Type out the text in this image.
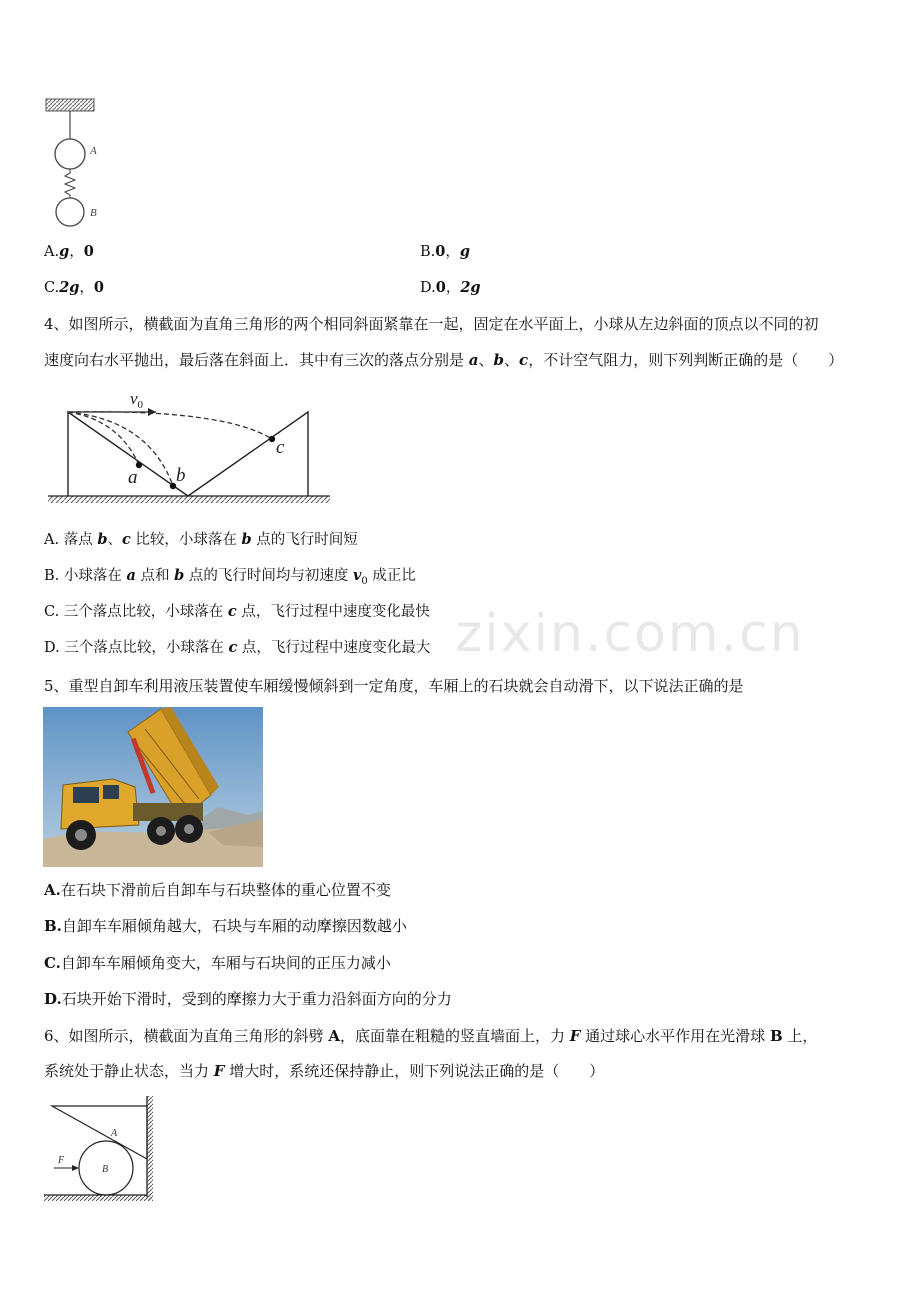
zixin.com.cn
A
B
A.g，0	B.0，g
C.2g，0	D.0，2g
4、如图所示，横截面为直角三角形的两个相同斜面紧靠在一起，固定在水平面上，小球从左边斜面的顶点以不同的初
速度向右水平抛出，最后落在斜面上．其中有三次的落点分别是 a、b、c，不计空气阻力，则下列判断正确的是（　　）
$v_0$
a b
c
A. 落点 b、c 比较，小球落在 b 点的飞行时间短
B. 小球落在 a 点和 b 点的飞行时间均与初速度 $v_0$ 成正比
C. 三个落点比较，小球落在 c 点，飞行过程中速度变化最快
D. 三个落点比较，小球落在 c 点，飞行过程中速度变化最大
5、重型自卸车利用液压装置使车厢缓慢倾斜到一定角度，车厢上的石块就会自动滑下，以下说法正确的是
A.在石块下滑前后自卸车与石块整体的重心位置不变
B.自卸车车厢倾角越大，石块与车厢的动摩擦因数越小
C.自卸车车厢倾角变大，车厢与石块间的正压力减小
D.石块开始下滑时，受到的摩擦力大于重力沿斜面方向的分力
6、如图所示，横截面为直角三角形的斜劈 A，底面靠在粗糙的竖直墙面上，力 F 通过球心水平作用在光滑球 B 上，
系统处于静止状态，当力 F 增大时，系统还保持静止，则下列说法正确的是（　　）
A
B
F
